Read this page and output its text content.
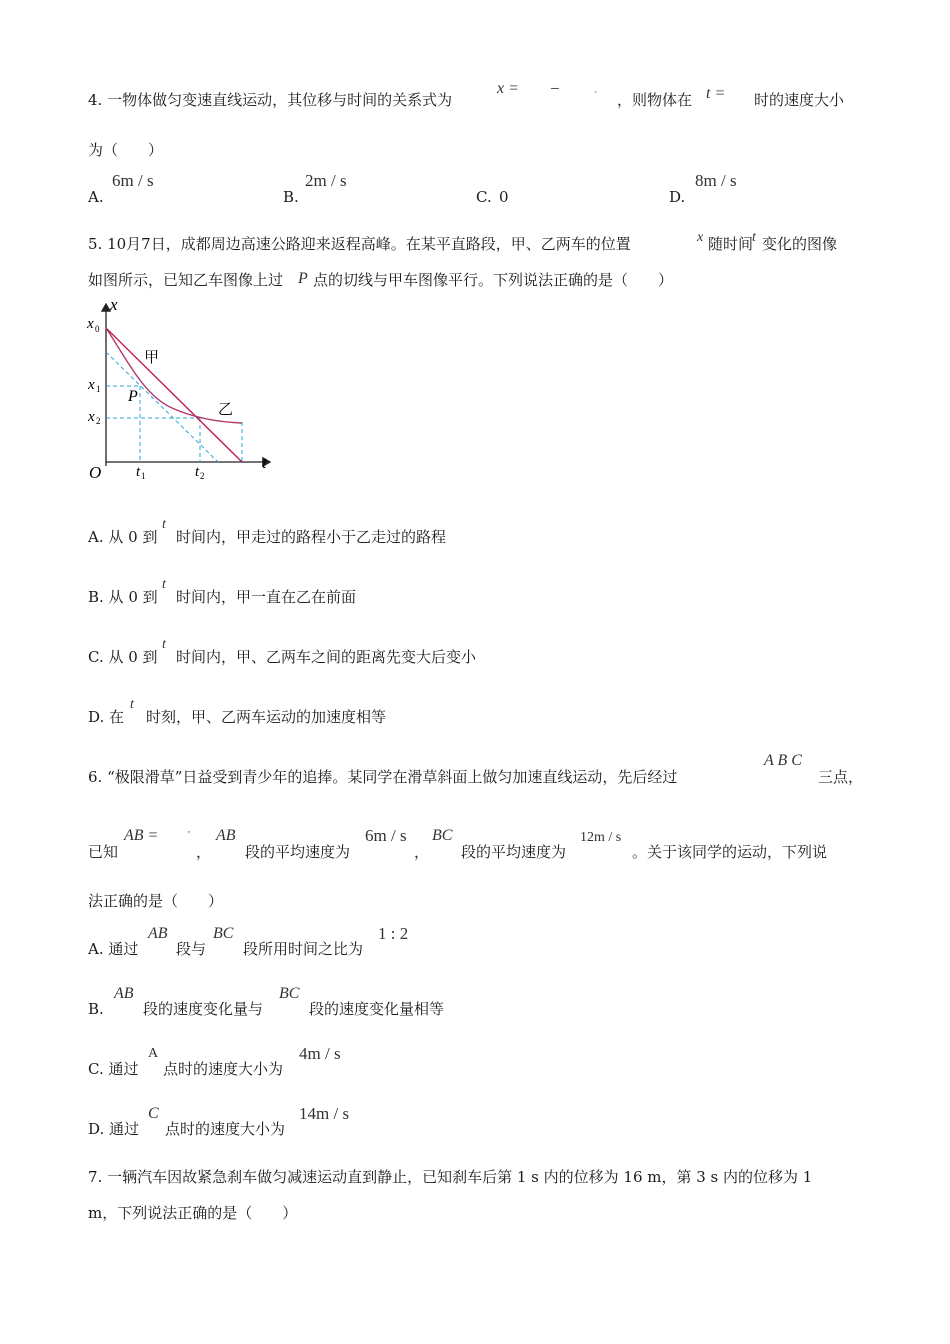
4. 一物体做匀变速直线运动，其位移与时间的关系式为
x = −	` ，则物体在 t = 时的速度大小
为（　　）
A.
6m / s
B.
2m / s
C. 0	D.
8m / s
5. 10月7日，成都周边高速公路迎来返程高峰。在某平直路段，甲、乙两车的位置	x 随时间
t 变化的图像
如图所示，已知乙车图像上过 P 点的切线与甲车图像平行。下列说法正确的是（　　）
x
t
O
x 0
x 1
x 2
t 1	t 2
P
甲
乙
A. 从 0 到
t
时间内，甲走过的路程小于乙走过的路程
B. 从 0 到
t
时间内，甲一直在乙在前面
C. 从 0 到
t
时间内，甲、乙两车之间的距离先变大后变小
D. 在
t
时刻，甲、乙两车运动的加速度相等
6. “极限滑草”日益受到青少年的追捧。某同学在滑草斜面上做匀加速直线运动，先后经过
A B C
三点，
已知
AB =	'
，
AB
段的平均速度为
6m / s
，
BC
段的平均速度为
12m / s
。关于该同学的运动，下列说
法正确的是（　　）
A. 通过
AB
段与
BC
段所用时间之比为
1 : 2
B.
AB
段的速度变化量与
BC
段的速度变化量相等
C. 通过
A
点时的速度大小为
4m / s
D. 通过
C
点时的速度大小为
14m / s
7. 一辆汽车因故紧急刹车做匀减速运动直到静止，已知刹车后第 1 s 内的位移为 16 m，第 3 s 内的位移为 1
m，下列说法正确的是（　　）
